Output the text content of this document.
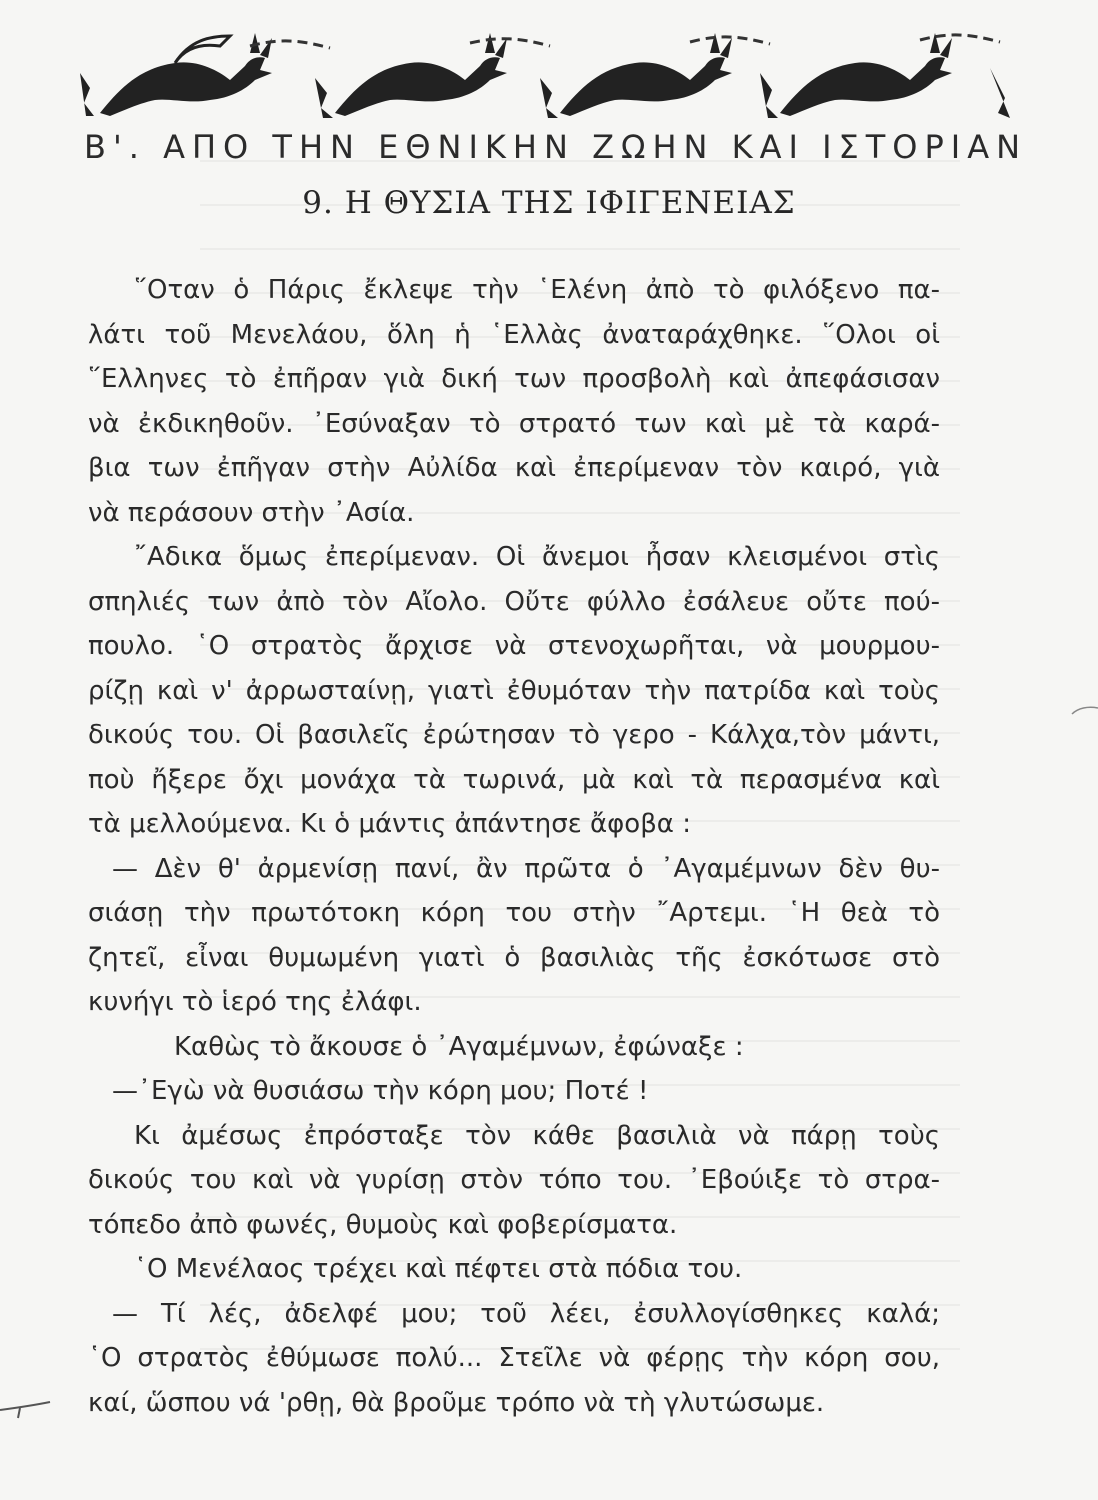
Β'. ΑΠΟ ΤΗΝ ΕΘΝΙΚΗΝ ΖΩΗΝ ΚΑΙ ΙΣΤΟΡΙΑΝ
9. Η ΘΥΣΙΑ ΤΗΣ ΙΦΙΓΕΝΕΙΑΣ
῞Οταν ὁ Πάρις ἔκλεψε τὴν ῾Ελένη ἀπὸ τὸ φιλόξενο πα-
λάτι τοῦ Μενελάου, ὅλη ἡ ῾Ελλὰς ἀναταράχθηκε. ῞Ολοι οἱ
῞Ελληνες τὸ ἐπῆραν γιὰ δική των προσβολὴ καὶ ἀπεφάσισαν
νὰ ἐκδικηθοῦν. ᾿Εσύναξαν τὸ στρατό των καὶ μὲ τὰ καρά-
βια των ἐπῆγαν στὴν Αὐλίδα καὶ ἐπερίμεναν τὸν καιρό, γιὰ
νὰ περάσουν στὴν ᾿Ασία.
῎Αδικα ὅμως ἐπερίμεναν. Οἱ ἄνεμοι ἦσαν κλεισμένοι στὶς
σπηλιές των ἀπὸ τὸν Αἴολο. Οὔτε φύλλο ἐσάλευε οὔτε πού-
πουλο. ῾Ο στρατὸς ἄρχισε νὰ στενοχωρῆται, νὰ μουρμου-
ρίζῃ καὶ ν' ἀρρωσταίνῃ, γιατὶ ἐθυμόταν τὴν πατρίδα καὶ τοὺς
δικούς του. Οἱ βασιλεῖς ἐρώτησαν τὸ γερο - Κάλχα,τὸν μάντι,
ποὺ ἤξερε ὄχι μονάχα τὰ τωρινά, μὰ καὶ τὰ περασμένα καὶ
τὰ μελλούμενα. Κι ὁ μάντις ἀπάντησε ἄφοβα :
— Δὲν θ' ἀρμενίσῃ πανί, ἂν πρῶτα ὁ ᾿Αγαμέμνων δὲν θυ-
σιάσῃ τὴν πρωτότοκη κόρη του στὴν ῎Αρτεμι. ῾Η θεὰ τὸ
ζητεῖ, εἶναι θυμωμένη γιατὶ ὁ βασιλιὰς τῆς ἐσκότωσε στὸ
κυνήγι τὸ ἱερό της ἐλάφι.
Καθὼς τὸ ἄκουσε ὁ ᾿Αγαμέμνων, ἐφώναξε :
—᾿Εγὼ νὰ θυσιάσω τὴν κόρη μου; Ποτέ !
Κι ἀμέσως ἐπρόσταξε τὸν κάθε βασιλιὰ νὰ πάρῃ τοὺς
δικούς του καὶ νὰ γυρίσῃ στὸν τόπο του. ᾿Εβούιξε τὸ στρα-
τόπεδο ἀπὸ φωνές, θυμοὺς καὶ φοβερίσματα.
῾Ο Μενέλαος τρέχει καὶ πέφτει στὰ πόδια του.
— Τί λές, ἀδελφέ μου; τοῦ λέει, ἐσυλλογίσθηκες καλά;
῾Ο στρατὸς ἐθύμωσε πολύ... Στεῖλε νὰ φέρῃς τὴν κόρη σου,
καί, ὥσπου νά 'ρθῃ, θὰ βροῦμε τρόπο νὰ τὴ γλυτώσωμε.
